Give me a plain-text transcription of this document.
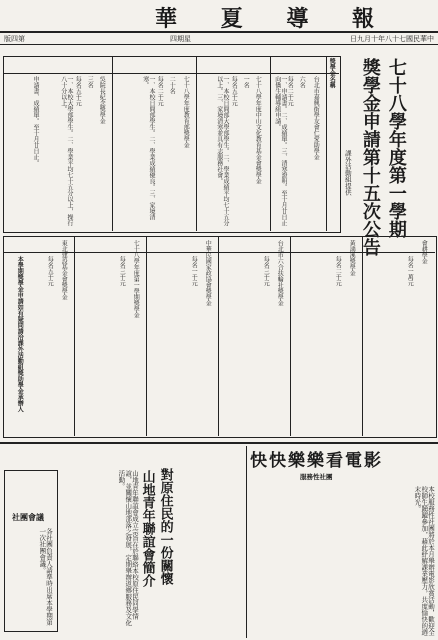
華 夏 導 報
版四第	四期星	日九月十年八十七國民華中
七十八學年度第一學期
獎學金申請第十五次公告
課外活動組提供
獎學金名稱
台北市嘉興街學友會仁愛助學金
六名
每名二千元
一、申請書。二、成績單。三、清寒證明。至十月廿日止向僑生輔導組申請。
七十八學年度中山文化教育基金會獎學金
一名
每名五千元
一、本校日間部大學部學生。二、學業成績平均七十五分以上。三、家境清寒並具有志服務社會。
七十八學年度教育部獎學金
二十名
每名二千元
一、本校日間部學生。二、學業成績優良。三、家境清寒。
吳院長紀念獎學金
三名
每名五千元
一、本校大學部學生。二、學業平均七十五分以上，操行八十分以上。
申請書、成績單。至十月廿日止。
會耕學金
每名一萬元
黃鴻溪獎學金
每名二千元
台北市六合扶輪社獎學金
每名三千元
中華民國家政協會獎學金
每名一千元
七十八學年度第一學期獎學金
每名三千元
東北建設基金會獎學金
每名五千元
本學期獎學金申請如有疑問請洽課外活動組獎助學金承辦人
快快樂樂看電影
服務性社團
本校服務性社團將於本月舉辦電影欣賞活動，歡迎全校師生踴躍參加，藉此紓解課業壓力，共度愉快的週末時光。
對原住民的一份關懷
山地青年聯誼會簡介
山地青年聯誼會成立宗旨在於聯絡本校原住民同學情誼，並關懷山地部落之發展，定期舉辦返鄉服務及文化活動。
社團會議
各社團負責人請準時出席本學期第一次社團會議。
